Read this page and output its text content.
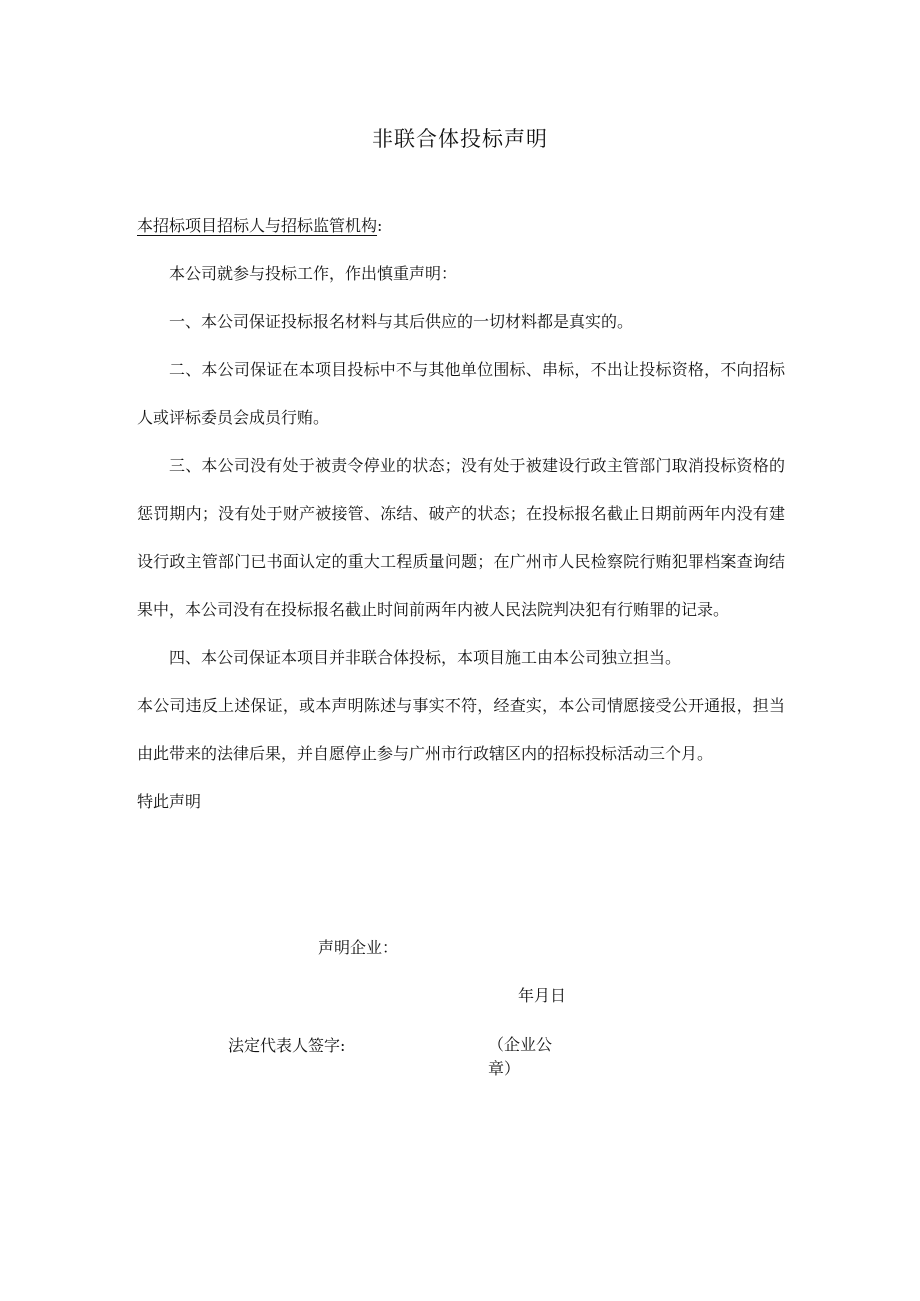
非联合体投标声明
本招标项目招标人与招标监管机构:

本公司就参与投标工作，作出慎重声明：

一、本公司保证投标报名材料与其后供应的一切材料都是真实的。

二、本公司保证在本项目投标中不与其他单位围标、串标，不出让投标资格，不向招标人或评标委员会成员行贿。

三、本公司没有处于被责令停业的状态；没有处于被建设行政主管部门取消投标资格的惩罚期内；没有处于财产被接管、冻结、破产的状态；在投标报名截止日期前两年内没有建设行政主管部门已书面认定的重大工程质量问题；在广州市人民检察院行贿犯罪档案查询结果中，本公司没有在投标报名截止时间前两年内被人民法院判决犯有行贿罪的记录。

四、本公司保证本项目并非联合体投标，本项目施工由本公司独立担当。

本公司违反上述保证，或本声明陈述与事实不符，经查实，本公司情愿接受公开通报，担当由此带来的法律后果，并自愿停止参与广州市行政辖区内的招标投标活动三个月。

特此声明

声明企业：
年月日
法定代表人签字:	（企业公章）
